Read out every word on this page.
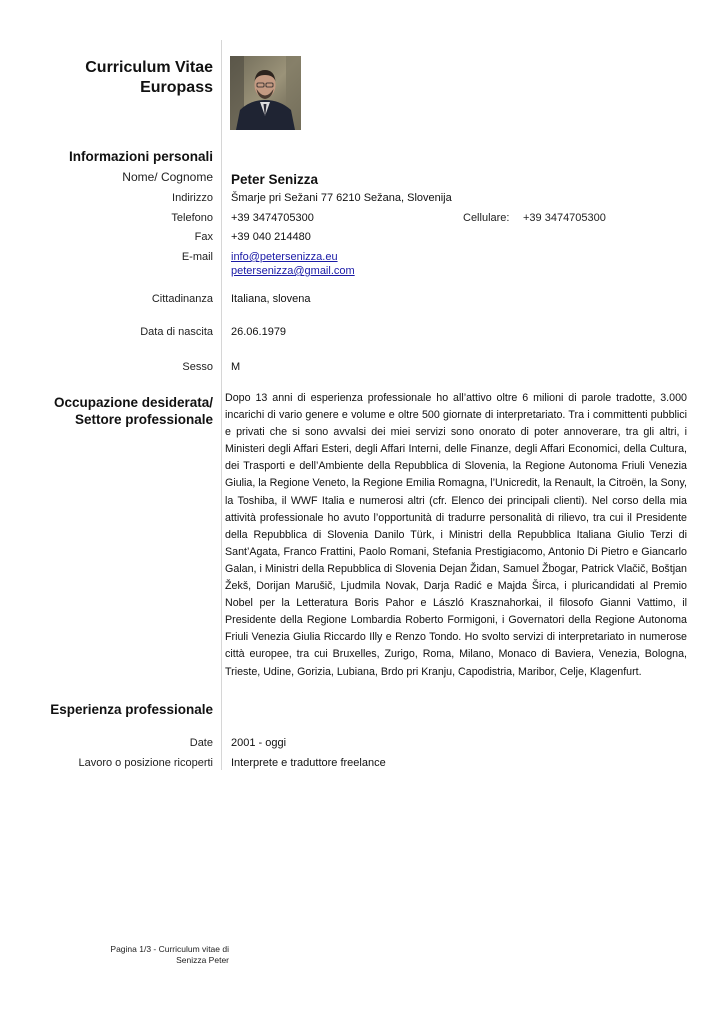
Curriculum Vitae
Europass
Informazioni personali
Nome/ Cognome Peter Senizza
Indirizzo Šmarje pri Sežani 77 6210 Sežana, Slovenija
Telefono +39 3474705300	Cellulare: +39 3474705300
Fax +39 040 214480
E-mail info@petersenizza.eu
petersenizza@gmail.com
Cittadinanza Italiana, slovena
Data di nascita 26.06.1979
Sesso M
Occupazione desiderata/
Settore professionale
Dopo 13 anni di esperienza professionale ho all’attivo oltre 6 milioni di parole tradotte, 3.000 incarichi di vario genere e volume e oltre 500 giornate di interpretariato. Tra i committenti pubblici e privati che si sono avvalsi dei miei servizi sono onorato di poter annoverare, tra gli altri, i Ministeri degli Affari Esteri, degli Affari Interni, delle Finanze, degli Affari Economici, della Cultura, dei Trasporti e dell’Ambiente della Repubblica di Slovenia, la Regione Autonoma Friuli Venezia Giulia, la Regione Veneto, la Regione Emilia Romagna, l’Unicredit, la Renault, la Citroën, la Sony, la Toshiba, il WWF Italia e numerosi altri (cfr. Elenco dei principali clienti). Nel corso della mia attività professionale ho avuto l’opportunità di tradurre personalità di rilievo, tra cui il Presidente della Repubblica di Slovenia Danilo Türk, i Ministri della Repubblica Italiana Giulio Terzi di Sant’Agata, Franco Frattini, Paolo Romani, Stefania Prestigiacomo, Antonio Di Pietro e Giancarlo Galan, i Ministri della Repubblica di Slovenia Dejan Židan, Samuel Žbogar, Patrick Vlačič, Boštjan Žekš, Dorijan Marušič, Ljudmila Novak, Darja Radić e Majda Širca, i pluricandidati al Premio Nobel per la Letteratura Boris Pahor e László Krasznahorkai, il filosofo Gianni Vattimo, il Presidente della Regione Lombardia Roberto Formigoni, i Governatori della Regione Autonoma Friuli Venezia Giulia Riccardo Illy e Renzo Tondo. Ho svolto servizi di interpretariato in numerose città europee, tra cui Bruxelles, Zurigo, Roma, Milano, Monaco di Baviera, Venezia, Bologna, Trieste, Udine, Gorizia, Lubiana, Brdo pri Kranju, Capodistria, Maribor, Celje, Klagenfurt.
Esperienza professionale
Date 2001 - oggi
Lavoro o posizione ricoperti Interprete e traduttore freelance
Pagina 1/3 - Curriculum vitae di
Senizza Peter
